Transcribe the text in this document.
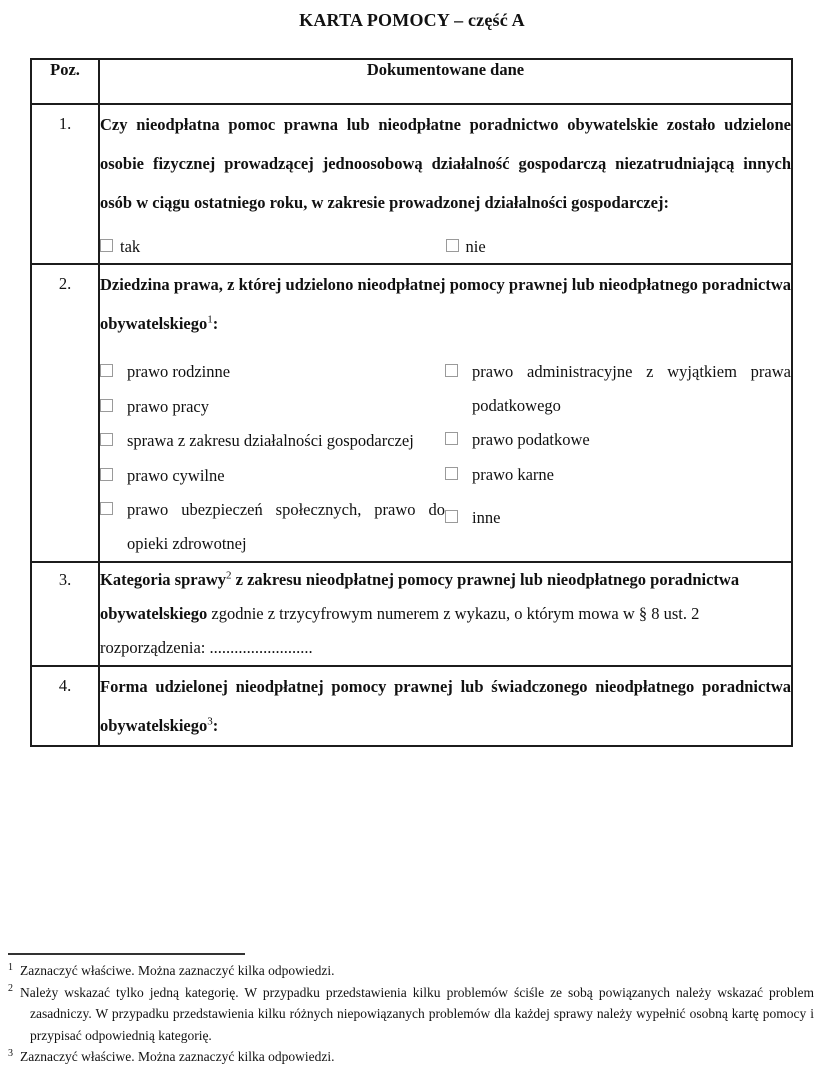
KARTA POMOCY – część A
Poz.	Dokumentowane dane
1.	Czy nieodpłatna pomoc prawna lub nieodpłatne poradnictwo obywatelskie zostało udzielone osobie fizycznej prowadzącej jednoosobową działalność gospodarczą niezatrudniającą innych osób w ciągu ostatniego roku, w zakresie prowadzonej działalności gospodarczej:

tak nie

2.	Dziedzina prawa, z której udzielono nieodpłatnej pomocy prawnej lub nieodpłatnego poradnictwa obywatelskiego$^1$:

prawo rodzinne
prawo pracy
sprawa z zakresu działalności gospodarczej
prawo cywilne
prawo ubezpieczeń społecznych, prawo do opieki zdrowotnej
prawo administracyjne z wyjątkiem prawa podatkowego
prawo podatkowe
prawo karne
inne

3.	Kategoria sprawy$^2$ z zakresu nieodpłatnej pomocy prawnej lub nieodpłatnego poradnictwa obywatelskiego zgodnie z trzycyfrowym numerem z wykazu, o którym mowa w § 8 ust. 2 rozporządzenia: .........................

4.	Forma udzielonej nieodpłatnej pomocy prawnej lub świadczonego nieodpłatnego poradnictwa obywatelskiego$^3$:

$^1$ Zaznaczyć właściwe. Można zaznaczyć kilka odpowiedzi.

$^2$ Należy wskazać tylko jedną kategorię. W przypadku przedstawienia kilku problemów ściśle ze sobą powiązanych należy wskazać problem zasadniczy. W przypadku przedstawienia kilku różnych niepowiązanych problemów dla każdej sprawy należy wypełnić osobną kartę pomocy i przypisać odpowiednią kategorię.

$^3$ Zaznaczyć właściwe. Można zaznaczyć kilka odpowiedzi.
